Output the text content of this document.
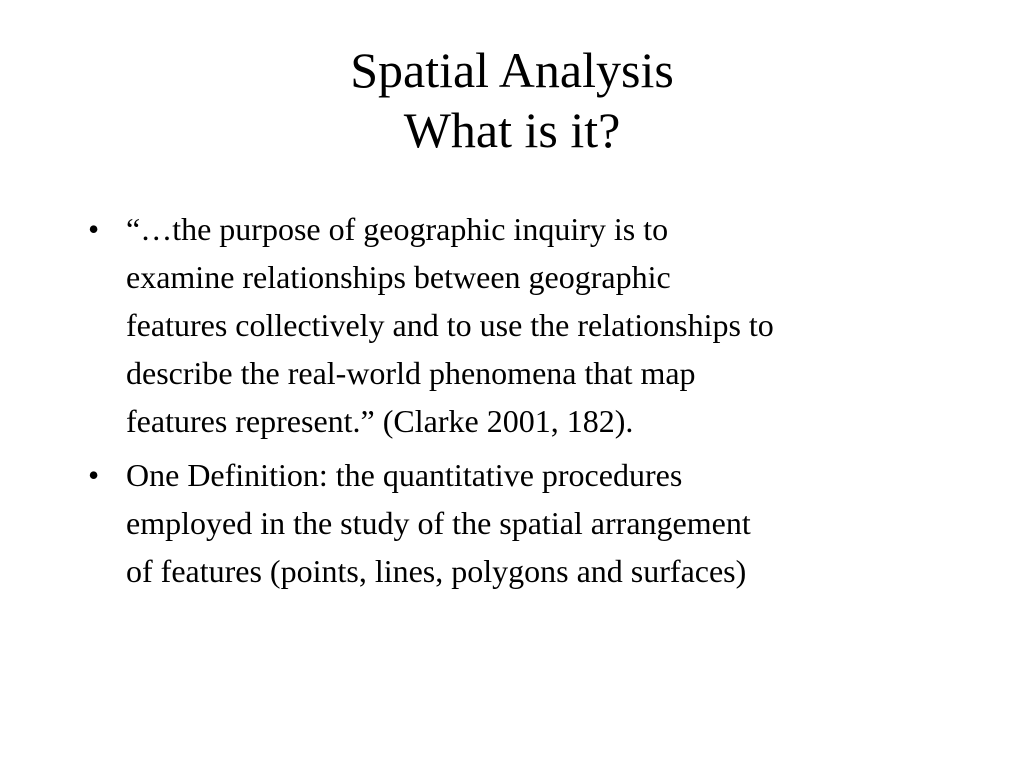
Spatial Analysis
What is it?
• “…the purpose of geographic inquiry is to
examine relationships between geographic
features collectively and to use the relationships to
describe the real-world phenomena that map
features represent.” (Clarke 2001, 182).
• One Definition: the quantitative procedures
employed in the study of the spatial arrangement
of features (points, lines, polygons and surfaces)
